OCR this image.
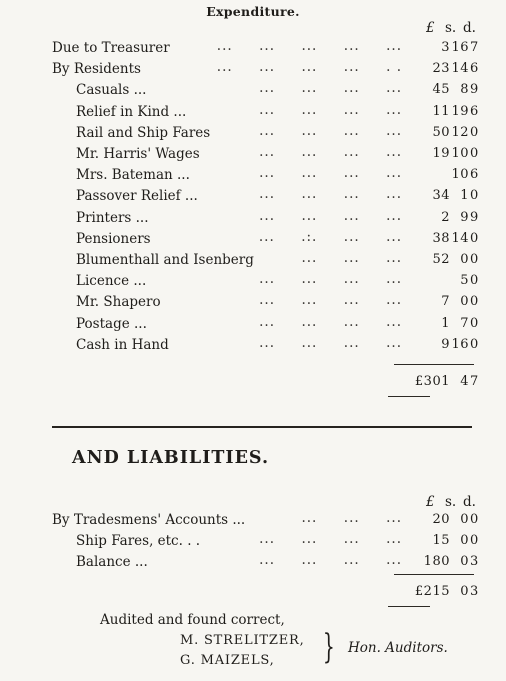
Expenditure.
£ s. d.
Due to Treasurer	...     ...     ...     ...     ...	3 16 7
By Residents	...     ...     ...     ...     . .	23 14 6
Casuals ...	...     ...     ...     ...	45 8 9
Relief in Kind ...	...     ...     ...     ...	11 19 6
Rail and Ship Fares	...     ...     ...     ...	50 12 0
Mr. Harris' Wages	...     ...     ...     ...	19 10 0
Mrs. Bateman ...	...     ...     ...     ...	10 6
Passover Relief ...	...     ...     ...     ...	34 1 0
Printers ...	...     ...     ...     ...	2 9 9
Pensioners	...     .:.     ...     ...	38 14 0
Blumenthall and Isenberg	...     ...     ...	52 0 0
Licence ...	...     ...     ...     ...	5 0
Mr. Shapero	...     ...     ...     ...	7 0 0
Postage ...	...     ...     ...     ...	1 7 0
Cash in Hand	...     ...     ...     ...	9 16 0
£301 4 7
AND LIABILITIES.
£ s. d.
By Tradesmens' Accounts ...	...     ...     ...	20 0 0
Ship Fares, etc. . .	...     ...     ...     ...	15 0 0
Balance ...	...     ...     ...     ...	180 0 3
£215 0 3
Audited and found correct,
M. STRELITZER,
G. MAIZELS, } Hon. Auditors.
